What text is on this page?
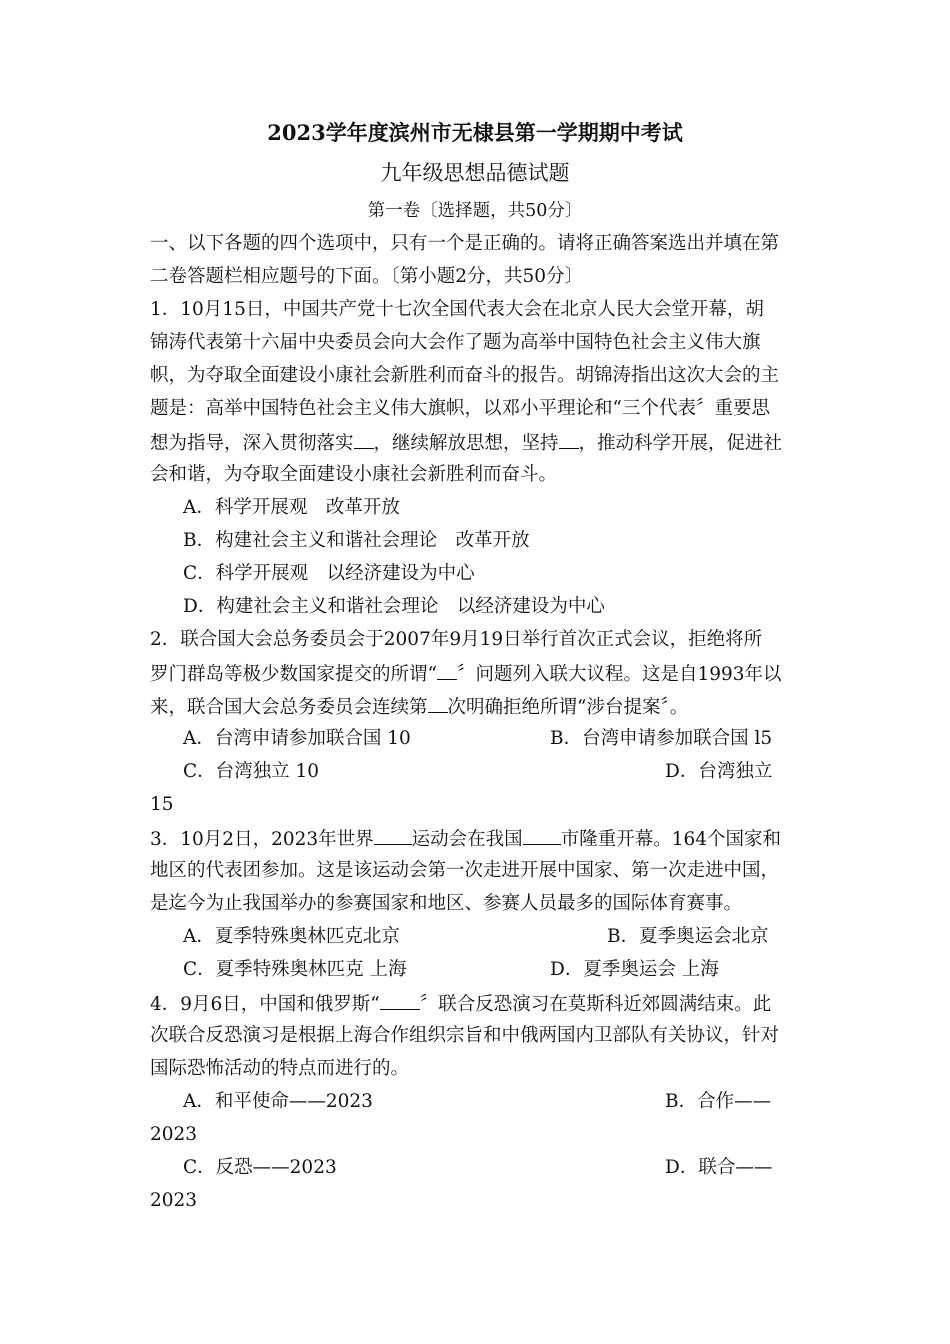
2023学年度滨州市无棣县第一学期期中考试
九年级思想品德试题
第一卷〔选择题，共50分〕
一、以下各题的四个选项中，只有一个是正确的。请将正确答案选出并填在第
二卷答题栏相应题号的下面。〔第小题2分，共50分〕
1．10月15日，中国共产党十七次全国代表大会在北京人民大会堂开幕，胡
锦涛代表第十六届中央委员会向大会作了题为高举中国特色社会主义伟大旗
帜，为夺取全面建设小康社会新胜利而奋斗的报告。胡锦涛指出这次大会的主
题是：高举中国特色社会主义伟大旗帜，以邓小平理论和“三个代表〞重要思
想为指导，深入贯彻落实 ，继续解放思想，坚持 ，推动科学开展，促进社
会和谐，为夺取全面建设小康社会新胜利而奋斗。
A．科学开展观　改革开放
B．构建社会主义和谐社会理论　改革开放
C．科学开展观　以经济建设为中心
D．构建社会主义和谐社会理论　以经济建设为中心
2．联合国大会总务委员会于2007年9月19日举行首次正式会议，拒绝将所
罗门群岛等极少数国家提交的所谓“ 〞问题列入联大议程。这是自1993年以
来，联合国大会总务委员会连续第 次明确拒绝所谓“涉台提案〞。
A．台湾申请参加联合国 10	B．台湾申请参加联合国 l5
C．台湾独立 10	D．台湾独立
15
3．10月2日，2023年世界 运动会在我国 市隆重开幕。164个国家和
地区的代表团参加。这是该运动会第一次走进开展中国家、第一次走进中国，
是迄今为止我国举办的参赛国家和地区、参赛人员最多的国际体育赛事。
A．夏季特殊奥林匹克北京	B．夏季奥运会北京
C．夏季特殊奥林匹克 上海	D．夏季奥运会 上海
4．9月6日，中国和俄罗斯“ 〞联合反恐演习在莫斯科近郊圆满结束。此
次联合反恐演习是根据上海合作组织宗旨和中俄两国内卫部队有关协议，针对
国际恐怖活动的特点而进行的。
A．和平使命——2023	B．合作——
2023
C．反恐——2023	D．联合——
2023
